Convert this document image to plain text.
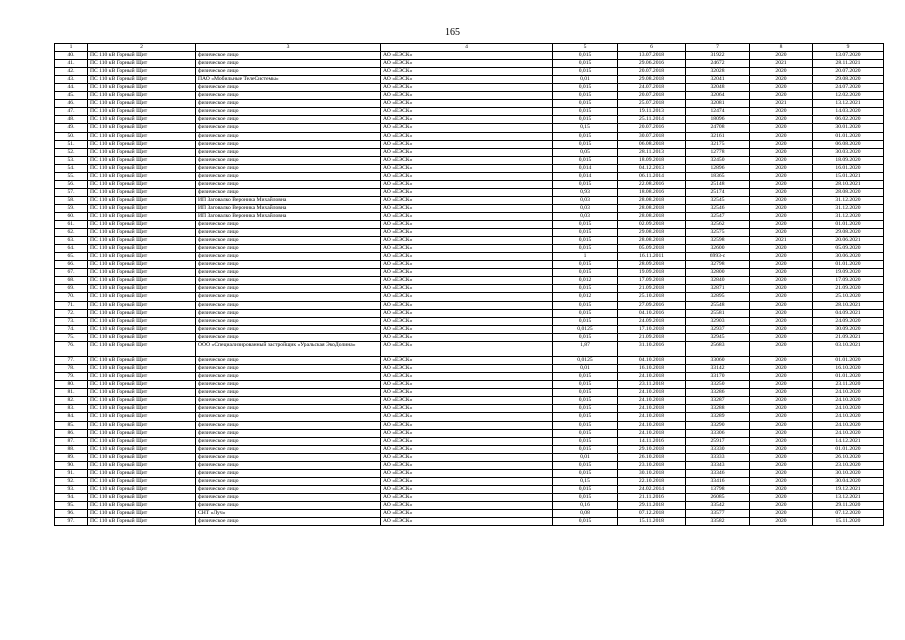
165
1	2	3	4	5	6	7	8	9
40.	ПС 110 кВ Горный Щит	физическое лицо	АО «ЕЭСК»	0,015	13.07.2018	31922	2020	13.07.2020
41.	ПС 110 кВ Горный Щит	физическое лицо	АО «ЕЭСК»	0,015	29.06.2016	24672	2021	28.11.2021
42.	ПС 110 кВ Горный Щит	физическое лицо	АО «ЕЭСК»	0,015	20.07.2018	32028	2020	20.07.2020
43.	ПС 110 кВ Горный Щит	ПАО «Мобильные ТелеСистемы»	АО «ЕЭСК»	0,01	29.08.2018	32041	2020	29.08.2020
44.	ПС 110 кВ Горный Щит	физическое лицо	АО «ЕЭСК»	0,015	24.07.2018	32048	2020	24.07.2020
45.	ПС 110 кВ Горный Щит	физическое лицо	АО «ЕЭСК»	0,015	20.07.2018	32064	2020	12.02.2020
46.	ПС 110 кВ Горный Щит	физическое лицо	АО «ЕЭСК»	0,015	25.07.2018	32081	2021	13.12.2021
47.	ПС 110 кВ Горный Щит	физическое лицо	АО «ЕЭСК»	0,015	19.11.2013	12474	2020	14.03.2020
48.	ПС 110 кВ Горный Щит	физическое лицо	АО «ЕЭСК»	0,015	25.11.2014	18096	2020	06.02.2020
49.	ПС 110 кВ Горный Щит	физическое лицо	АО «ЕЭСК»	0,15	20.07.2016	24708	2020	30.01.2020
50.	ПС 110 кВ Горный Щит	физическое лицо	АО «ЕЭСК»	0,015	30.07.2018	32161	2020	01.01.2020
51.	ПС 110 кВ Горный Щит	физическое лицо	АО «ЕЭСК»	0,015	06.08.2018	32175	2020	06.08.2020
52.	ПС 110 кВ Горный Щит	физическое лицо	АО «ЕЭСК»	0,05	28.11.2013	12778	2020	30.03.2020
53.	ПС 110 кВ Горный Щит	физическое лицо	АО «ЕЭСК»	0,015	18.09.2018	32450	2020	18.09.2020
54.	ПС 110 кВ Горный Щит	физическое лицо	АО «ЕЭСК»	0,014	04.12.2013	12896	2020	16.01.2020
55.	ПС 110 кВ Горный Щит	физическое лицо	АО «ЕЭСК»	0,014	06.11.2014	18365	2020	15.01.2021
56.	ПС 110 кВ Горный Щит	физическое лицо	АО «ЕЭСК»	0,015	22.08.2016	25148	2020	28.10.2021
57.	ПС 110 кВ Горный Щит	физическое лицо	АО «ЕЭСК»	0,93	18.08.2016	25174	2020	28.08.2020
58.	ПС 110 кВ Горный Щит	ИП Заговалко Вероника Михайловна	АО «ЕЭСК»	0,03	28.08.2018	32545	2020	31.12.2020
59.	ПС 110 кВ Горный Щит	ИП Заговалко Вероника Михайловна	АО «ЕЭСК»	0,03	28.08.2018	32546	2020	31.12.2020
60.	ПС 110 кВ Горный Щит	ИП Заговалко Вероника Михайловна	АО «ЕЭСК»	0,03	28.08.2018	32547	2020	31.12.2020
61.	ПС 110 кВ Горный Щит	физическое лицо	АО «ЕЭСК»	0,015	02.09.2018	32562	2020	01.01.2020
62.	ПС 110 кВ Горный Щит	физическое лицо	АО «ЕЭСК»	0,015	29.08.2018	32575	2020	29.08.2020
63.	ПС 110 кВ Горный Щит	физическое лицо	АО «ЕЭСК»	0,015	28.08.2018	32598	2021	20.06.2021
64.	ПС 110 кВ Горный Щит	физическое лицо	АО «ЕЭСК»	0,015	05.09.2018	32600	2020	05.09.2020
65.	ПС 110 кВ Горный Щит	физическое лицо	АО «ЕЭСК»	1	16.11.2011	6993-с	2020	30.06.2020
66.	ПС 110 кВ Горный Щит	физическое лицо	АО «ЕЭСК»	0,015	28.09.2018	32798	2020	01.01.2020
67.	ПС 110 кВ Горный Щит	физическое лицо	АО «ЕЭСК»	0,015	19.09.2018	32800	2020	19.09.2020
68.	ПС 110 кВ Горный Щит	физическое лицо	АО «ЕЭСК»	0,012	17.09.2018	32840	2020	17.09.2020
69.	ПС 110 кВ Горный Щит	физическое лицо	АО «ЕЭСК»	0,015	21.09.2018	32871	2020	21.09.2020
70.	ПС 110 кВ Горный Щит	физическое лицо	АО «ЕЭСК»	0,012	25.10.2018	32895	2020	25.10.2020
71.	ПС 110 кВ Горный Щит	физическое лицо	АО «ЕЭСК»	0,015	27.09.2016	25548	2020	28.10.2021
72.	ПС 110 кВ Горный Щит	физическое лицо	АО «ЕЭСК»	0,015	04.10.2016	25581	2020	04.09.2021
73.	ПС 110 кВ Горный Щит	физическое лицо	АО «ЕЭСК»	0,015	24.09.2018	32903	2020	24.09.2020
74.	ПС 110 кВ Горный Щит	физическое лицо	АО «ЕЭСК»	0,0125	17.10.2018	32937	2020	30.09.2020
75.	ПС 110 кВ Горный Щит	физическое лицо	АО «ЕЭСК»	0,015	21.09.2018	32945	2020	21.09.2021
76.	ПС 110 кВ Горный Щит	ООО «Специализированный застройщик «Уральская ЭкоДолина»	АО «ЕЭСК»	1,87	31.10.2016	25683	2020	03.10.2021
77.	ПС 110 кВ Горный Щит	физическое лицо	АО «ЕЭСК»	0,0125	04.10.2018	33060	2020	01.01.2020
78.	ПС 110 кВ Горный Щит	физическое лицо	АО «ЕЭСК»	0,01	16.10.2018	33142	2020	16.10.2020
79.	ПС 110 кВ Горный Щит	физическое лицо	АО «ЕЭСК»	0,015	24.10.2018	33170	2020	01.01.2020
80.	ПС 110 кВ Горный Щит	физическое лицо	АО «ЕЭСК»	0,015	23.11.2018	33250	2020	23.11.2020
81.	ПС 110 кВ Горный Щит	физическое лицо	АО «ЕЭСК»	0,015	24.10.2018	33286	2020	24.10.2020
82.	ПС 110 кВ Горный Щит	физическое лицо	АО «ЕЭСК»	0,015	24.10.2018	33287	2020	24.10.2020
83.	ПС 110 кВ Горный Щит	физическое лицо	АО «ЕЭСК»	0,015	24.10.2018	33288	2020	24.10.2020
84.	ПС 110 кВ Горный Щит	физическое лицо	АО «ЕЭСК»	0,015	24.10.2018	33289	2020	24.10.2020
85.	ПС 110 кВ Горный Щит	физическое лицо	АО «ЕЭСК»	0,015	24.10.2018	33290	2020	24.10.2020
86.	ПС 110 кВ Горный Щит	физическое лицо	АО «ЕЭСК»	0,015	24.10.2018	33306	2020	24.10.2020
87.	ПС 110 кВ Горный Щит	физическое лицо	АО «ЕЭСК»	0,015	14.11.2016	25917	2020	14.12.2021
88.	ПС 110 кВ Горный Щит	физическое лицо	АО «ЕЭСК»	0,015	29.10.2018	33330	2020	01.01.2020
89.	ПС 110 кВ Горный Щит	физическое лицо	АО «ЕЭСК»	0,01	26.10.2018	33333	2020	26.10.2020
90.	ПС 110 кВ Горный Щит	физическое лицо	АО «ЕЭСК»	0,015	23.10.2018	33343	2020	23.10.2020
91.	ПС 110 кВ Горный Щит	физическое лицо	АО «ЕЭСК»	0,015	30.10.2018	33346	2020	30.10.2020
92.	ПС 110 кВ Горный Щит	физическое лицо	АО «ЕЭСК»	0,15	22.10.2018	33416	2020	30.04.2020
93.	ПС 110 кВ Горный Щит	физическое лицо	АО «ЕЭСК»	0,015	24.02.2014	13798	2020	19.12.2021
94.	ПС 110 кВ Горный Щит	физическое лицо	АО «ЕЭСК»	0,015	21.11.2016	26085	2020	13.12.2021
95.	ПС 110 кВ Горный Щит	физическое лицо	АО «ЕЭСК»	0,16	29.11.2018	33542	2020	29.11.2020
96.	ПС 110 кВ Горный Щит	СНТ «Луч»	АО «ЕЭСК»	0,08	07.12.2018	33577	2020	07.12.2020
97.	ПС 110 кВ Горный Щит	физическое лицо	АО «ЕЭСК»	0,015	15.11.2018	33582	2020	15.11.2020
